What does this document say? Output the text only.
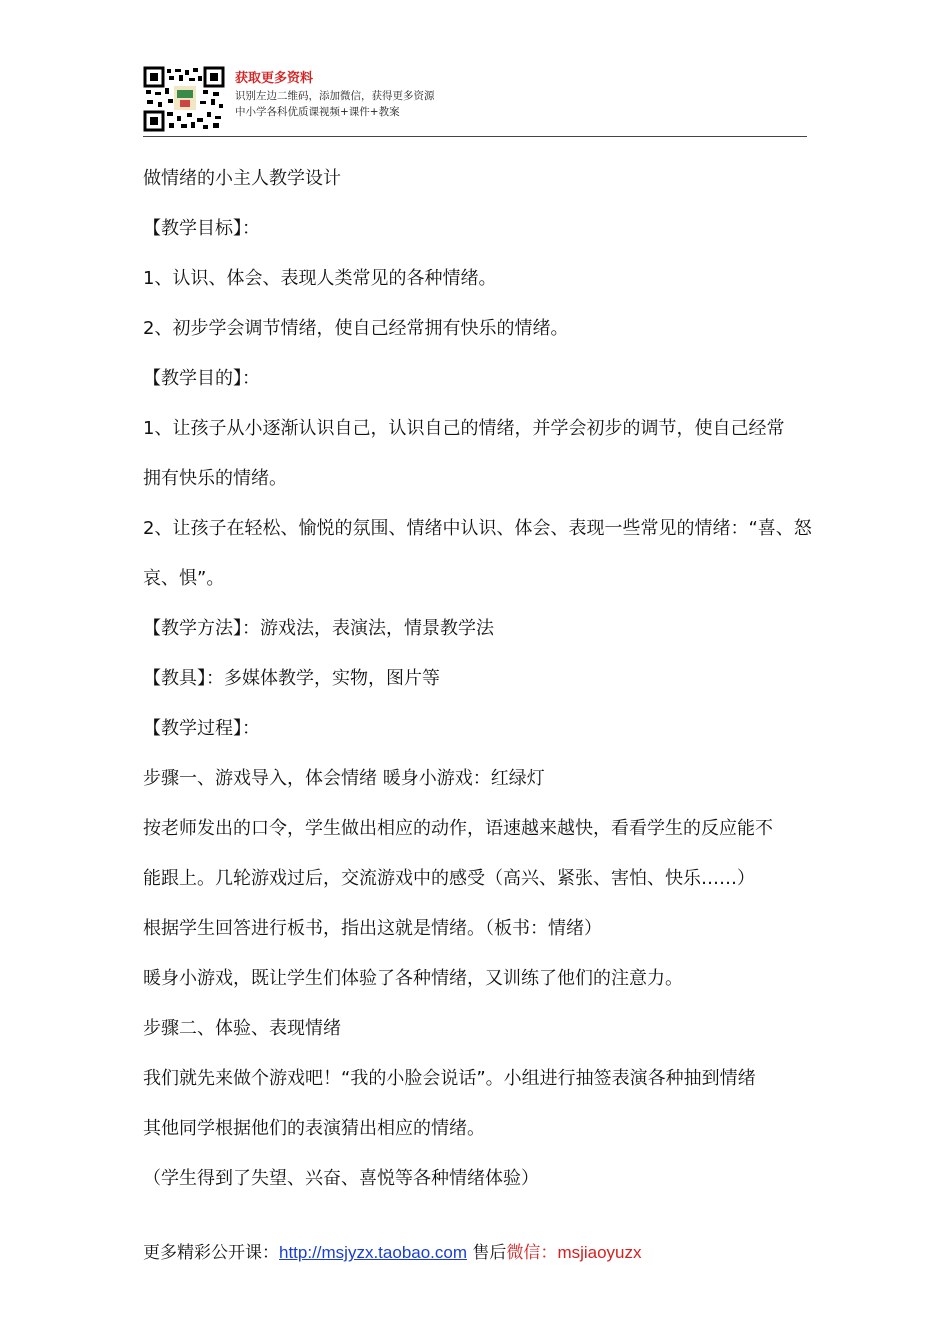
获取更多资料
识别左边二维码，添加微信，获得更多资源
中小学各科优质课视频+课件+教案
做情绪的小主人教学设计
【教学目标】：
1、认识、体会、表现人类常见的各种情绪。
2、初步学会调节情绪，使自己经常拥有快乐的情绪。
【教学目的】：
1、让孩子从小逐渐认识自己，认识自己的情绪，并学会初步的调节，使自己经常
拥有快乐的情绪。
2、让孩子在轻松、愉悦的氛围、情绪中认识、体会、表现一些常见的情绪：“喜、怒
哀、惧”。
【教学方法】：游戏法，表演法，情景教学法
【教具】：多媒体教学，实物，图片等
【教学过程】：
步骤一、游戏导入，体会情绪 暖身小游戏：红绿灯
按老师发出的口令，学生做出相应的动作，语速越来越快，看看学生的反应能不
能跟上。几轮游戏过后，交流游戏中的感受（高兴、紧张、害怕、快乐……）
根据学生回答进行板书，指出这就是情绪。（板书：情绪）
暖身小游戏，既让学生们体验了各种情绪，又训练了他们的注意力。
步骤二、体验、表现情绪
我们就先来做个游戏吧！“我的小脸会说话”。小组进行抽签表演各种抽到情绪
其他同学根据他们的表演猜出相应的情绪。
（学生得到了失望、兴奋、喜悦等各种情绪体验）
更多精彩公开课：http://msjyzx.taobao.com 售后微信：msjiaoyuzx
